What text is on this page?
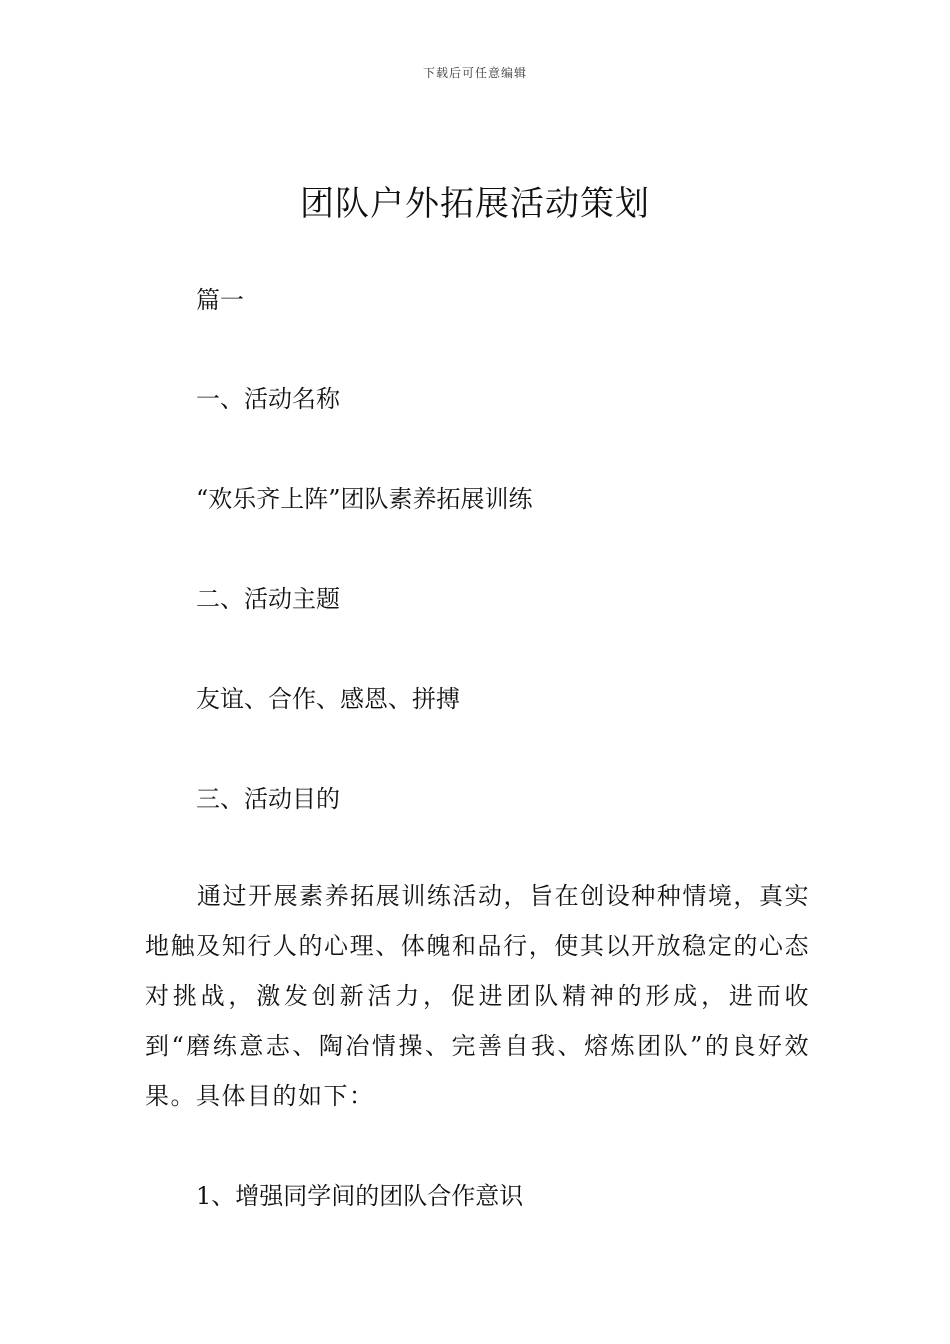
下载后可任意编辑
团队户外拓展活动策划
篇一
一、活动名称
“欢乐齐上阵”团队素养拓展训练
二、活动主题
友谊、合作、感恩、拼搏
三、活动目的
通过开展素养拓展训练活动，旨在创设种种情境，真实地触及知行人的心理、体魄和品行，使其以开放稳定的心态对挑战，激发创新活力，促进团队精神的形成，进而收到“磨练意志、陶冶情操、完善自我、熔炼团队”的良好效果。具体目的如下：
1、增强同学间的团队合作意识
